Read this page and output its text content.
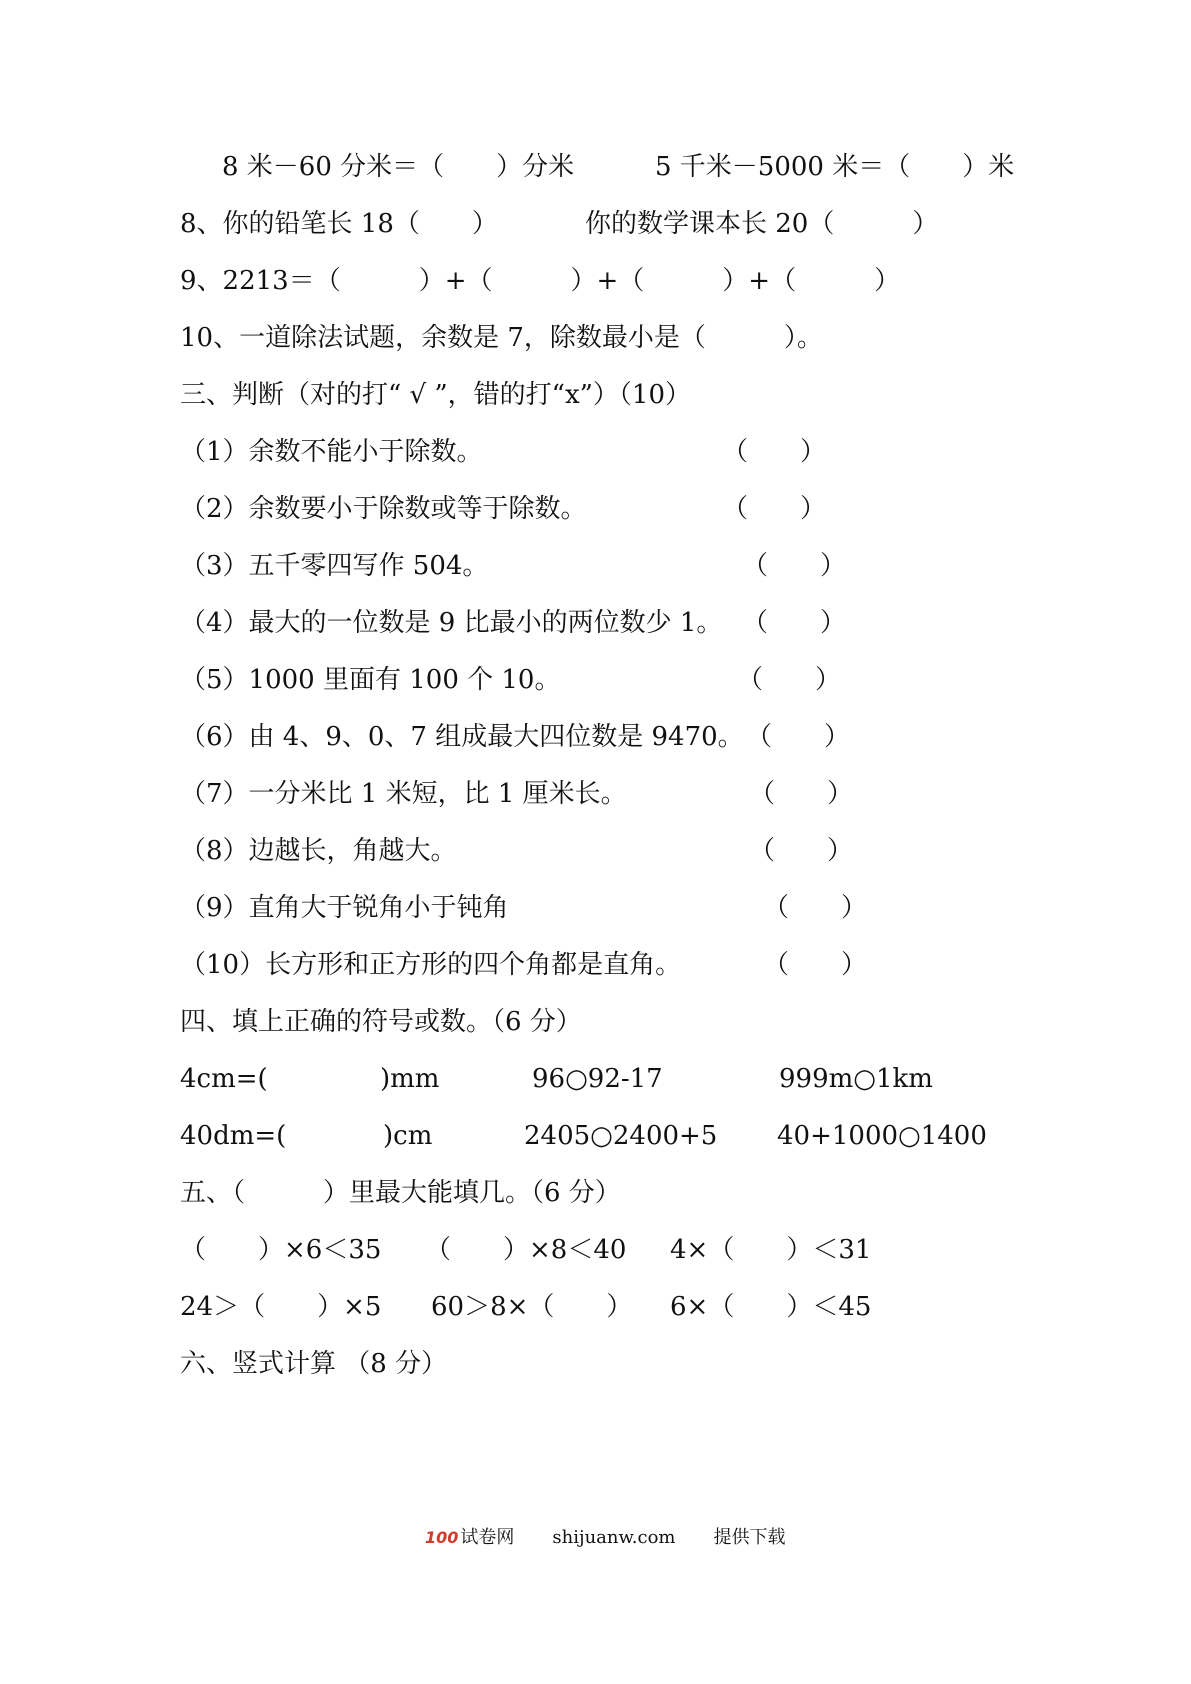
8 米－60 分米＝（　　）分米	5 千米－5000 米＝（　　）米
8、你的铅笔长 18（　　）	你的数学课本长 20（　　　）
9、2213＝（　　　）+（　　　）+（　　　）+（　　　）
10、一道除法试题，余数是 7，除数最小是（　　　）。
三、判断（对的打“ √ ”，错的打“x”）（10）
（1）余数不能小于除数。	（　　）
（2）余数要小于除数或等于除数。	（　　）
（3）五千零四写作 504。	（　　）
（4）最大的一位数是 9 比最小的两位数少 1。 （　　）
（5）1000 里面有 100 个 10。	（　　）
（6）由 4、9、0、7 组成最大四位数是 9470。 （　　）
（7）一分米比 1 米短，比 1 厘米长。	（　　）
（8）边越长，角越大。	（　　）
（9）直角大于锐角小于钝角	（　　）
（10）长方形和正方形的四个角都是直角。	（　　）
四、填上正确的符号或数。（6 分）
4cm=(	)mm	96○92-17	999m○1km
40dm=(	)cm	2405○2400+5 40+1000○1400
五、（　　　）里最大能填几。（6 分）
（　　）×6＜35 （　　）×8＜40 4×（　　）＜31
24＞（　　）×5 60＞8×（　　） 6×（　　）＜45
六、竖式计算 （8 分）
100 试卷网 shijuanw.com 提供下载
